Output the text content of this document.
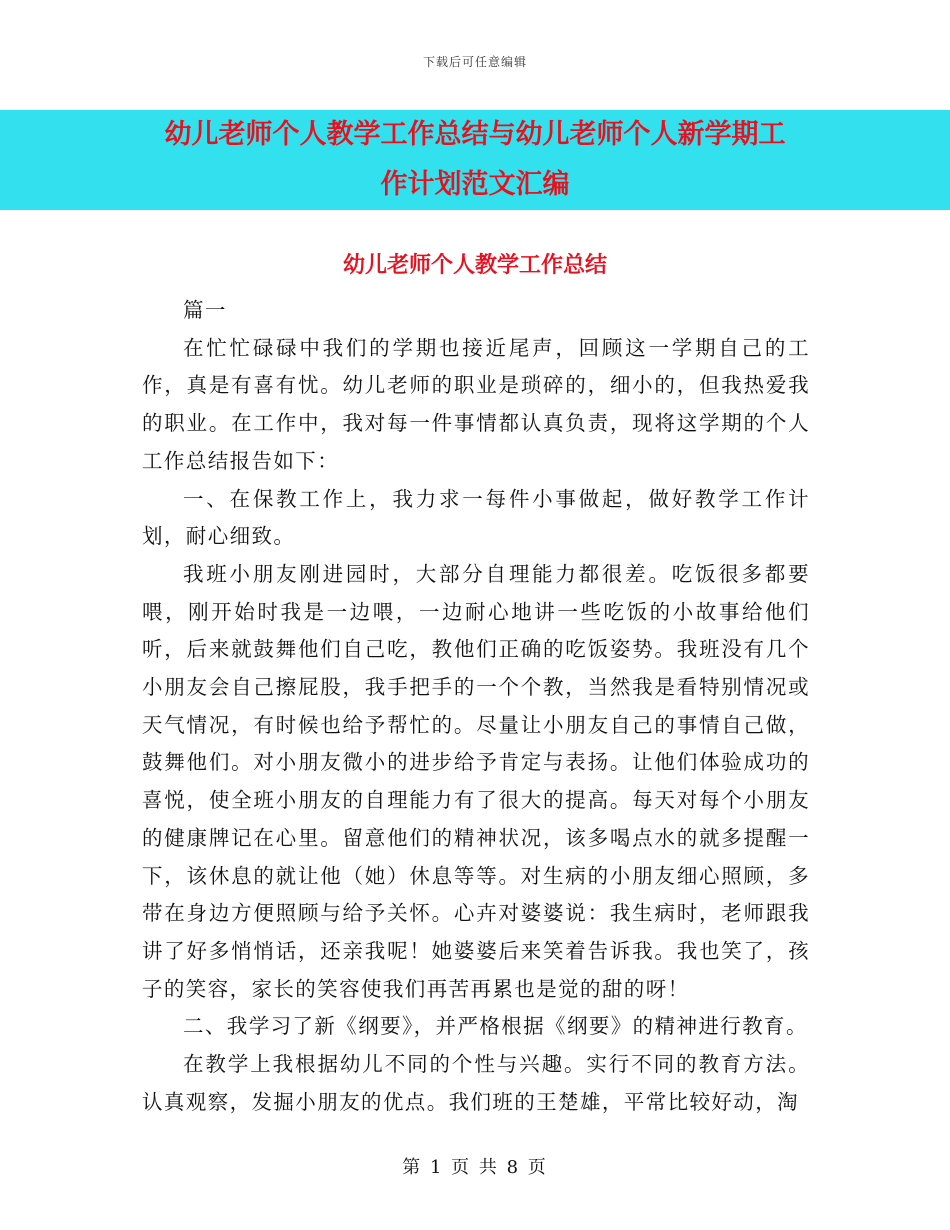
下载后可任意编辑
幼儿老师个人教学工作总结与幼儿老师个人新学期工
作计划范文汇编
幼儿老师个人教学工作总结

篇一

在忙忙碌碌中我们的学期也接近尾声，回顾这一学期自己的工作，真是有喜有忧。幼儿老师的职业是琐碎的，细小的，但我热爱我的职业。在工作中，我对每一件事情都认真负责，现将这学期的个人工作总结报告如下：

一、在保教工作上，我力求一每件小事做起，做好教学工作计划，耐心细致。

我班小朋友刚进园时，大部分自理能力都很差。吃饭很多都要喂，刚开始时我是一边喂，一边耐心地讲一些吃饭的小故事给他们听，后来就鼓舞他们自己吃，教他们正确的吃饭姿势。我班没有几个小朋友会自己擦屁股，我手把手的一个个教，当然我是看特别情况或天气情况，有时候也给予帮忙的。尽量让小朋友自己的事情自己做，鼓舞他们。对小朋友微小的进步给予肯定与表扬。让他们体验成功的喜悦，使全班小朋友的自理能力有了很大的提高。每天对每个小朋友的健康牌记在心里。留意他们的精神状况，该多喝点水的就多提醒一下，该休息的就让他（她）休息等等。对生病的小朋友细心照顾，多带在身边方便照顾与给予关怀。心卉对婆婆说：我生病时，老师跟我讲了好多悄悄话，还亲我呢！她婆婆后来笑着告诉我。我也笑了，孩子的笑容，家长的笑容使我们再苦再累也是觉的甜的呀！

二、我学习了新《纲要》，并严格根据《纲要》的精神进行教育。

在教学上我根据幼儿不同的个性与兴趣。实行不同的教育方法。认真观察，发掘小朋友的优点。我们班的王楚雄，平常比较好动，淘

第 1 页 共 8 页
